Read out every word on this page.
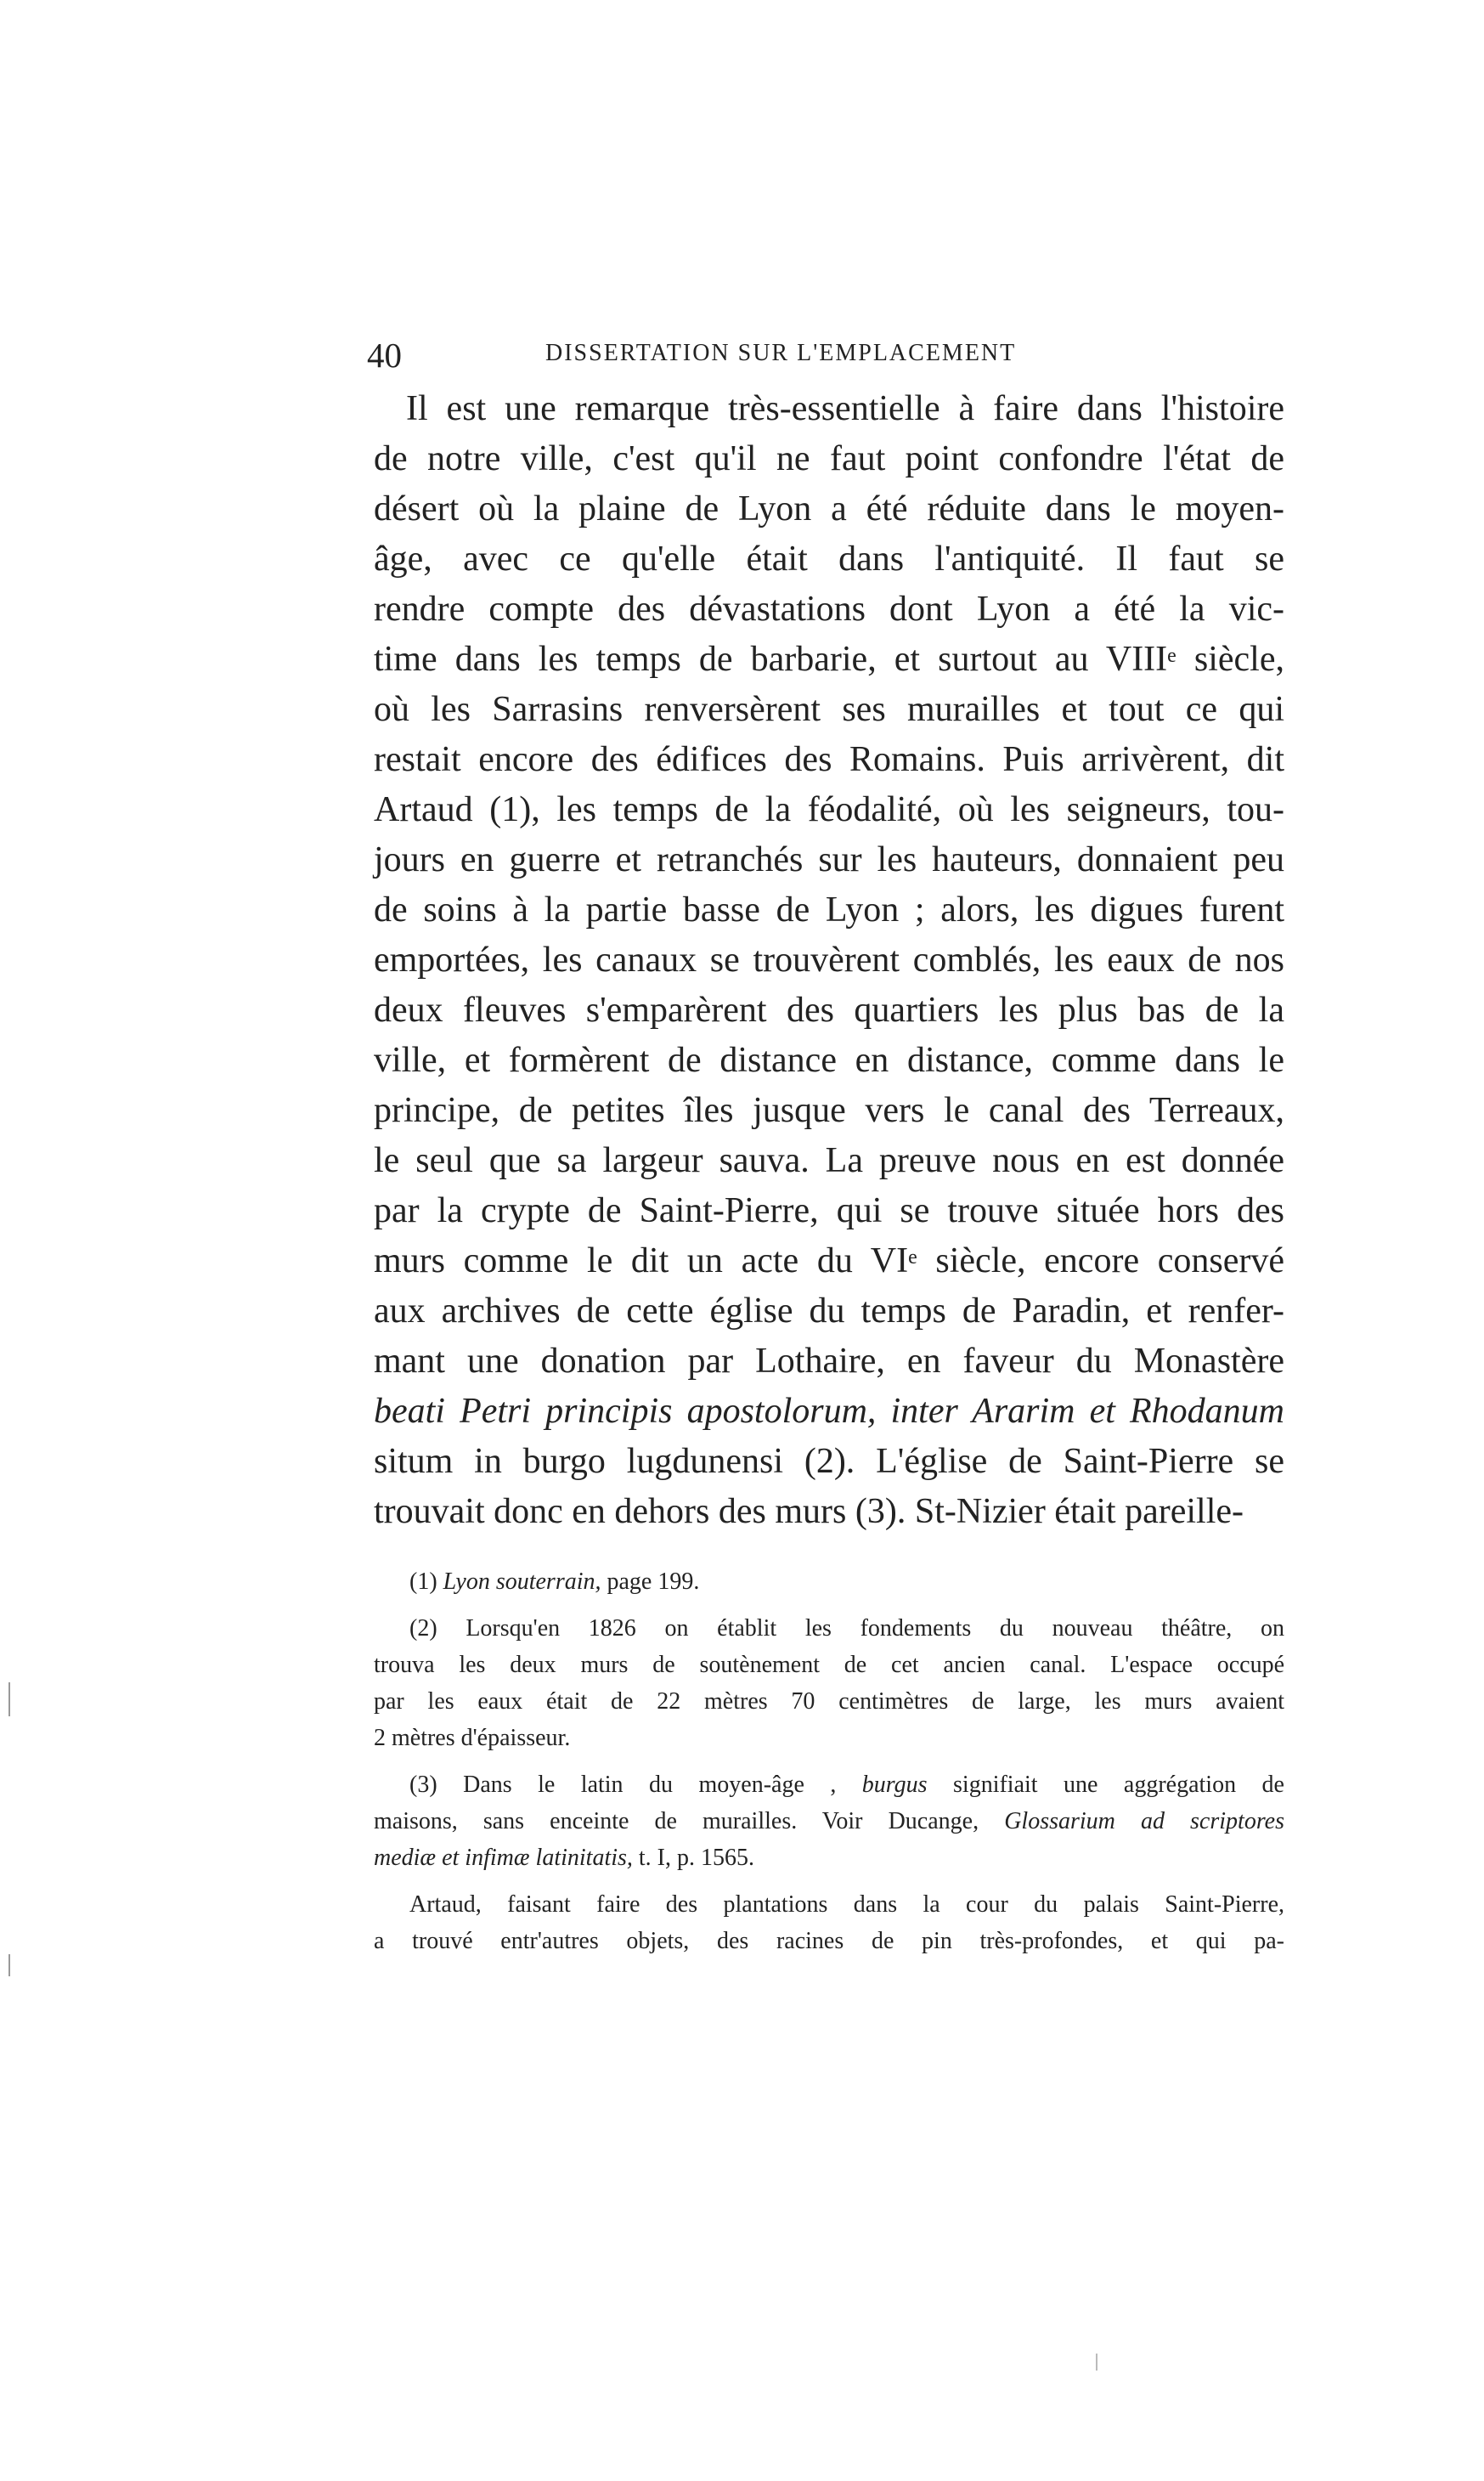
40	DISSERTATION SUR L'EMPLACEMENT
Il est une remarque très-essentielle à faire dans l'histoire
de notre ville, c'est qu'il ne faut point confondre l'état de
désert où la plaine de Lyon a été réduite dans le moyen-
âge, avec ce qu'elle était dans l'antiquité. Il faut se
rendre compte des dévastations dont Lyon a été la vic-
time dans les temps de barbarie, et surtout au VIIIe siècle,
où les Sarrasins renversèrent ses murailles et tout ce qui
restait encore des édifices des Romains. Puis arrivèrent, dit
Artaud (1), les temps de la féodalité, où les seigneurs, tou-
jours en guerre et retranchés sur les hauteurs, donnaient peu
de soins à la partie basse de Lyon ; alors, les digues furent
emportées, les canaux se trouvèrent comblés, les eaux de nos
deux fleuves s'emparèrent des quartiers les plus bas de la
ville, et formèrent de distance en distance, comme dans le
principe, de petites îles jusque vers le canal des Terreaux,
le seul que sa largeur sauva. La preuve nous en est donnée
par la crypte de Saint-Pierre, qui se trouve située hors des
murs comme le dit un acte du VIe siècle, encore conservé
aux archives de cette église du temps de Paradin, et renfer-
mant une donation par Lothaire, en faveur du Monastère
beati Petri principis apostolorum, inter Ararim et Rhodanum
situm in burgo lugdunensi (2). L'église de Saint-Pierre se
trouvait donc en dehors des murs (3). St-Nizier était pareille-
(1) Lyon souterrain, page 199.
(2) Lorsqu'en 1826 on établit les fondements du nouveau théâtre, on
trouva les deux murs de soutènement de cet ancien canal. L'espace occupé
par les eaux était de 22 mètres 70 centimètres de large, les murs avaient
2 mètres d'épaisseur.
(3) Dans le latin du moyen-âge , burgus signifiait une aggrégation de
maisons, sans enceinte de murailles. Voir Ducange, Glossarium ad scriptores
mediæ et infimæ latinitatis, t. I, p. 1565.
Artaud, faisant faire des plantations dans la cour du palais Saint-Pierre,
a trouvé entr'autres objets, des racines de pin très-profondes, et qui pa-
